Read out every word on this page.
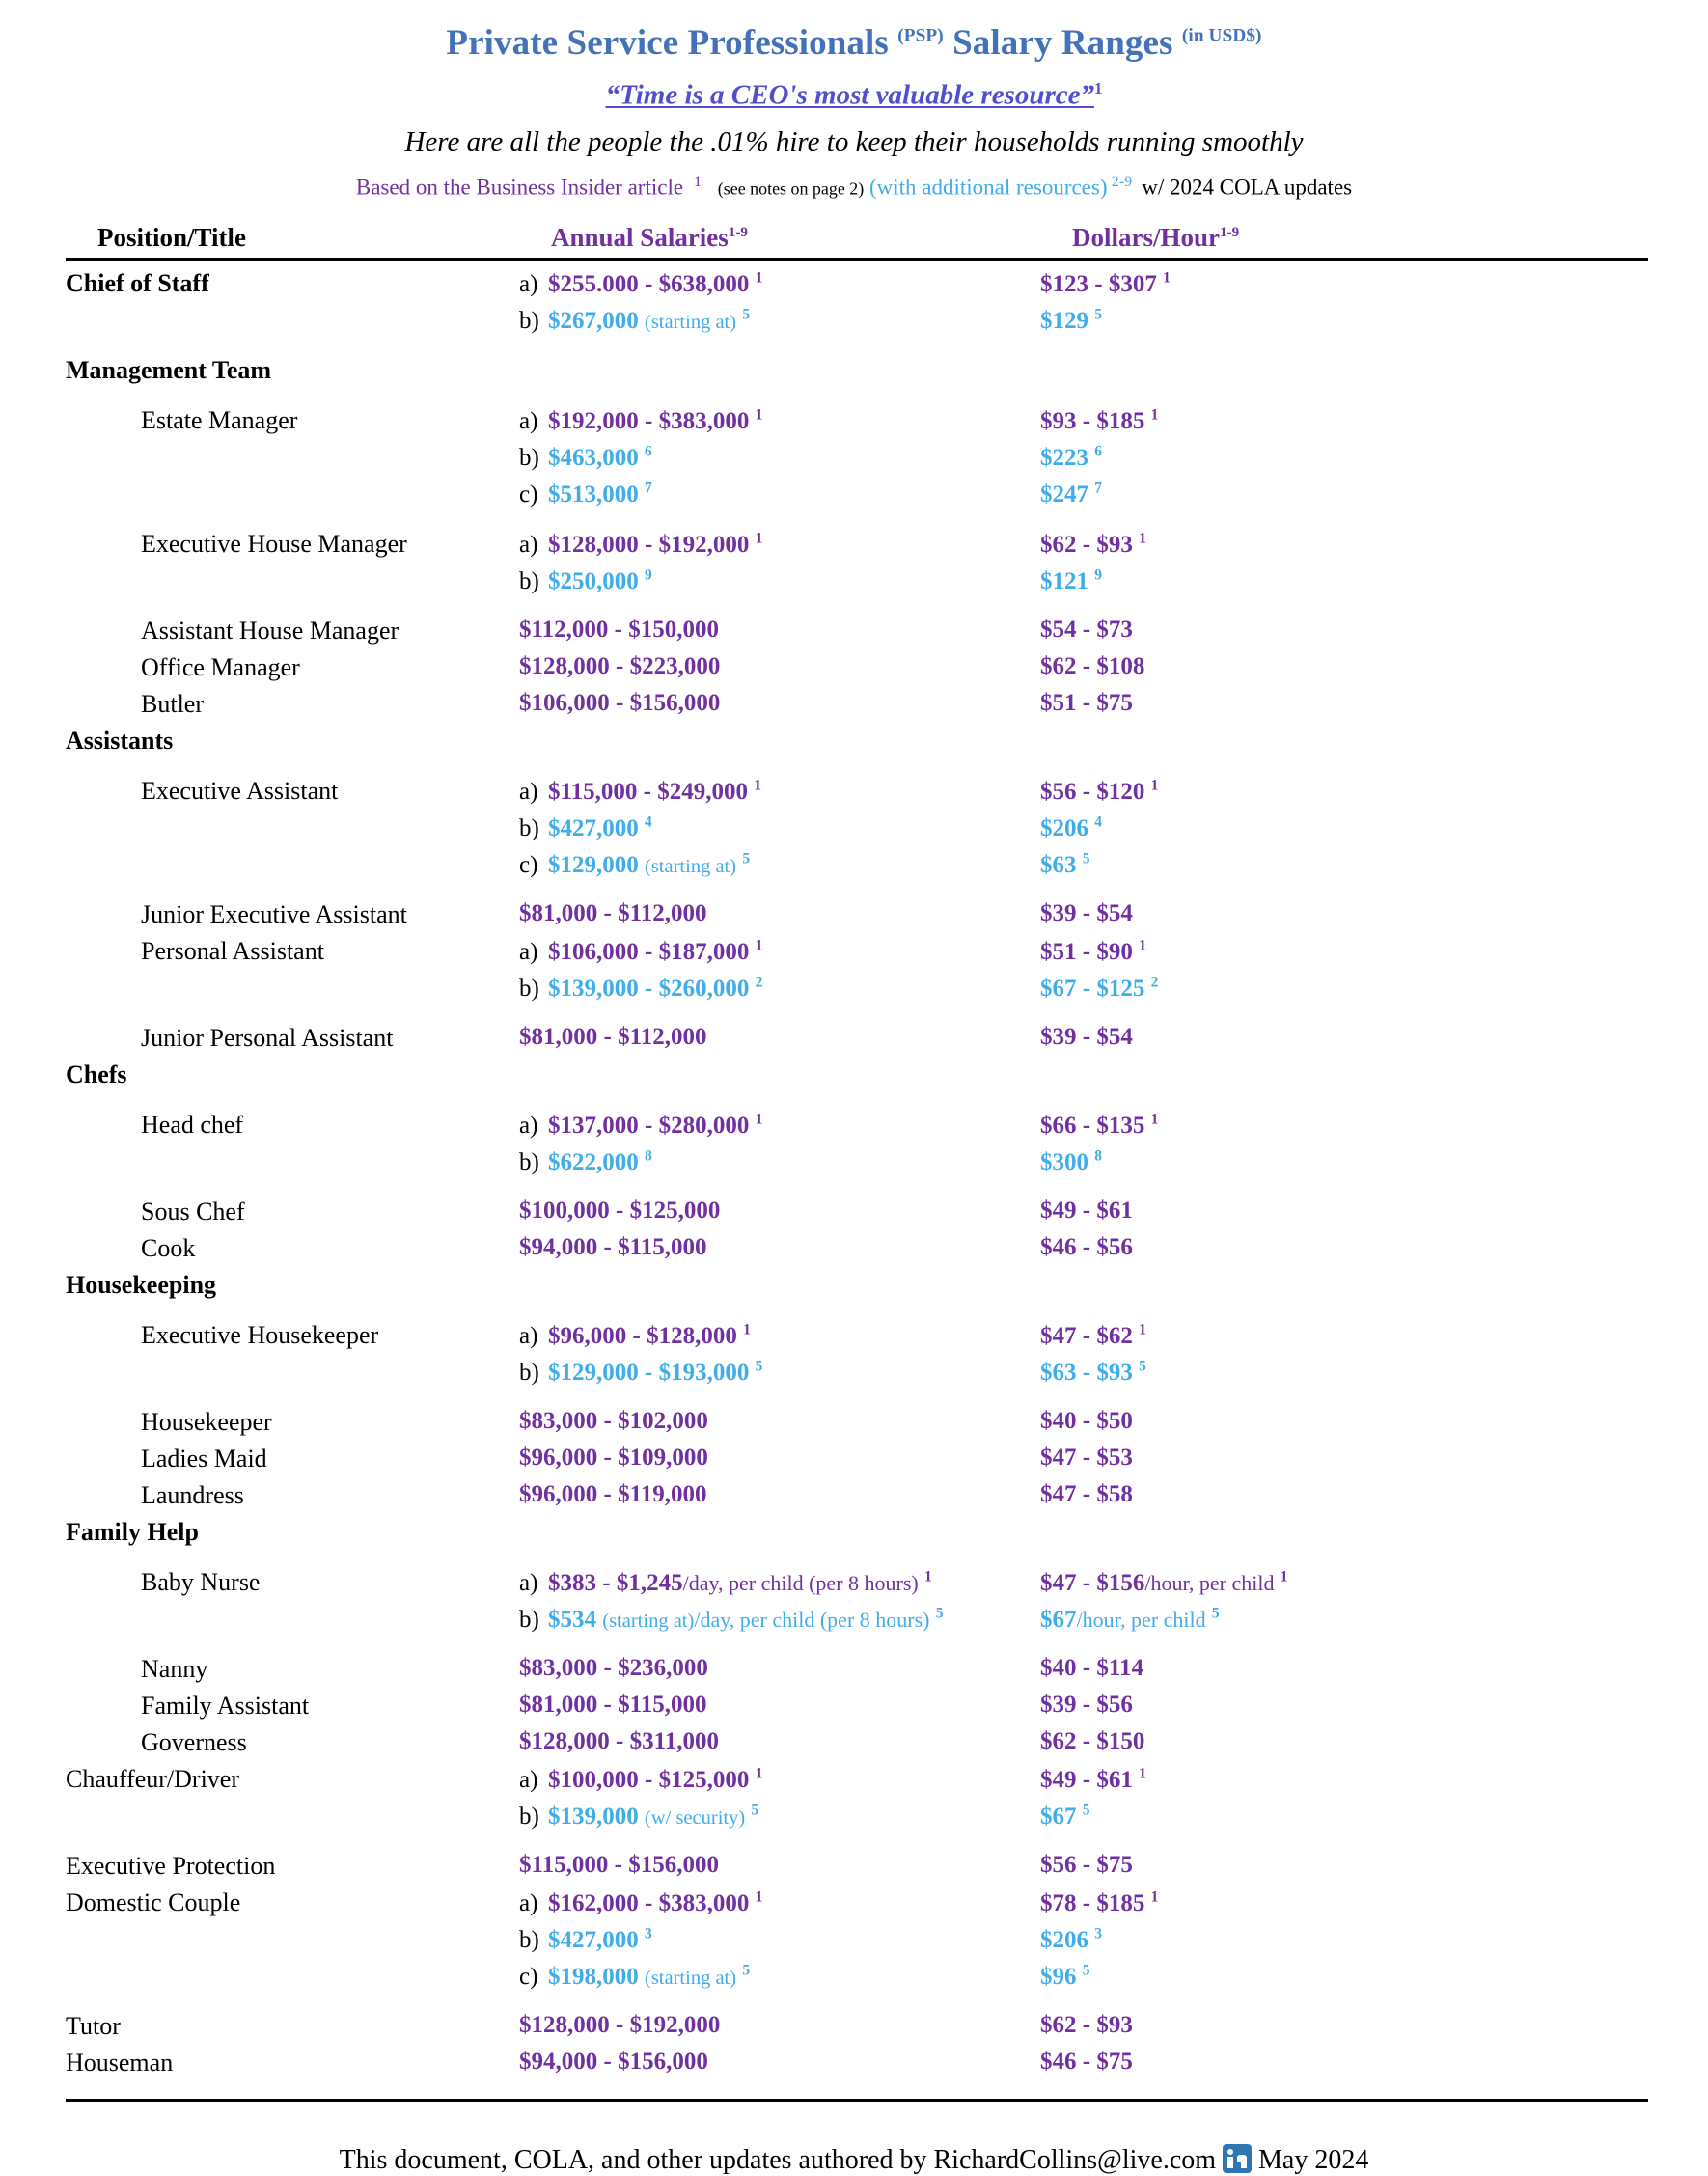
Private Service Professionals $^{(PSP)}$ Salary Ranges $^{(in USD\$)}$
“Time is a CEO's most valuable resource”$^1$
Here are all the people the .01% hire to keep their households running smoothly
Based on the Business Insider article 1 (see notes on page 2) (with additional resources) 2-9 w/ 2024 COLA updates
Position/Title	Annual Salaries$^{1-9}$	Dollars/Hour$^{1-9}$
Chief of Staff	a) $255.000 - $638,000 $^1$	$123 - $307 $^1$
b) $267,000 (starting at) $^5$	$129 $^5$
Management Team
Estate Manager	a) $192,000 - $383,000 $^1$	$93 - $185 $^1$
b) $463,000 $^6$	$223 $^6$
c) $513,000 $^7$	$247 $^7$
Executive House Manager	a) $128,000 - $192,000 $^1$	$62 - $93 $^1$
b) $250,000 $^9$	$121 $^9$
Assistant House Manager	$112,000 - $150,000	$54 - $73
Office Manager	$128,000 - $223,000	$62 - $108
Butler	$106,000 - $156,000	$51 - $75
Assistants
Executive Assistant	a) $115,000 - $249,000 $^1$	$56 - $120 $^1$
b) $427,000 $^4$	$206 $^4$
c) $129,000 (starting at) $^5$	$63 $^5$
Junior Executive Assistant	$81,000 - $112,000	$39 - $54
Personal Assistant	a) $106,000 - $187,000 $^1$	$51 - $90 $^1$
b) $139,000 - $260,000 $^2$	$67 - $125 $^2$
Junior Personal Assistant	$81,000 - $112,000	$39 - $54
Chefs
Head chef	a) $137,000 - $280,000 $^1$	$66 - $135 $^1$
b) $622,000 $^8$	$300 $^8$
Sous Chef	$100,000 - $125,000	$49 - $61
Cook	$94,000 - $115,000	$46 - $56
Housekeeping
Executive Housekeeper	a) $96,000 - $128,000 $^1$	$47 - $62 $^1$
b) $129,000 - $193,000 $^5$	$63 - $93 $^5$
Housekeeper	$83,000 - $102,000	$40 - $50
Ladies Maid	$96,000 - $109,000	$47 - $53
Laundress	$96,000 - $119,000	$47 - $58
Family Help
Baby Nurse	a) $383 - $1,245/day, per child (per 8 hours) $^1$	$47 - $156/hour, per child $^1$
b) $534 (starting at)/day, per child (per 8 hours) $^5$	$67/hour, per child $^5$
Nanny	$83,000 - $236,000	$40 - $114
Family Assistant	$81,000 - $115,000	$39 - $56
Governess	$128,000 - $311,000	$62 - $150
Chauffeur/Driver	a) $100,000 - $125,000 $^1$	$49 - $61 $^1$
b) $139,000 (w/ security) $^5$	$67 $^5$
Executive Protection	$115,000 - $156,000	$56 - $75
Domestic Couple	a) $162,000 - $383,000 $^1$	$78 - $185 $^1$
b) $427,000 $^3$	$206 $^3$
c) $198,000 (starting at) $^5$	$96 $^5$
Tutor	$128,000 - $192,000	$62 - $93
Houseman	$94,000 - $156,000	$46 - $75
This document, COLA, and other updates authored by RichardCollins@live.com May 2024
